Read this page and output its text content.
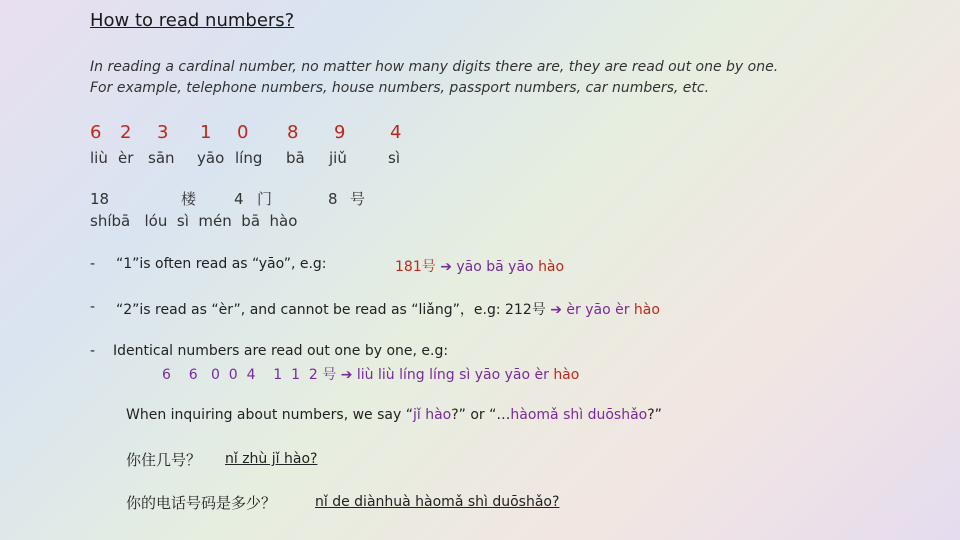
How to read numbers?
In reading a cardinal number, no matter how many digits there are, they are read out one by one.
For example, telephone numbers, house numbers, passport numbers, car numbers, etc.
6 2 3 1 0 8 9 4
liù èr sān yāo líng bā jiǔ	sì
18	楼	4 门	8 号
shíbā   lóu  sì  mén  bā  hào
- “1”is often read as “yāo”, e.g:	181号 ➔ yāo bā yāo hào
- “2”is read as “èr”, and cannot be read as “liǎng”，e.g: 212号 ➔ èr yāo èr hào
- Identical numbers are read out one by one, e.g:
6    6   0  0  4    1  1  2 号 ➔ liù liù líng líng sì yāo yāo èr hào
When inquiring about numbers, we say “jǐ hào?” or “…hàomǎ shì duōshǎo?”
你住几号？ nǐ zhù jǐ hào?
你的电话号码是多少？	nǐ de diànhuà hàomǎ shì duōshǎo?
